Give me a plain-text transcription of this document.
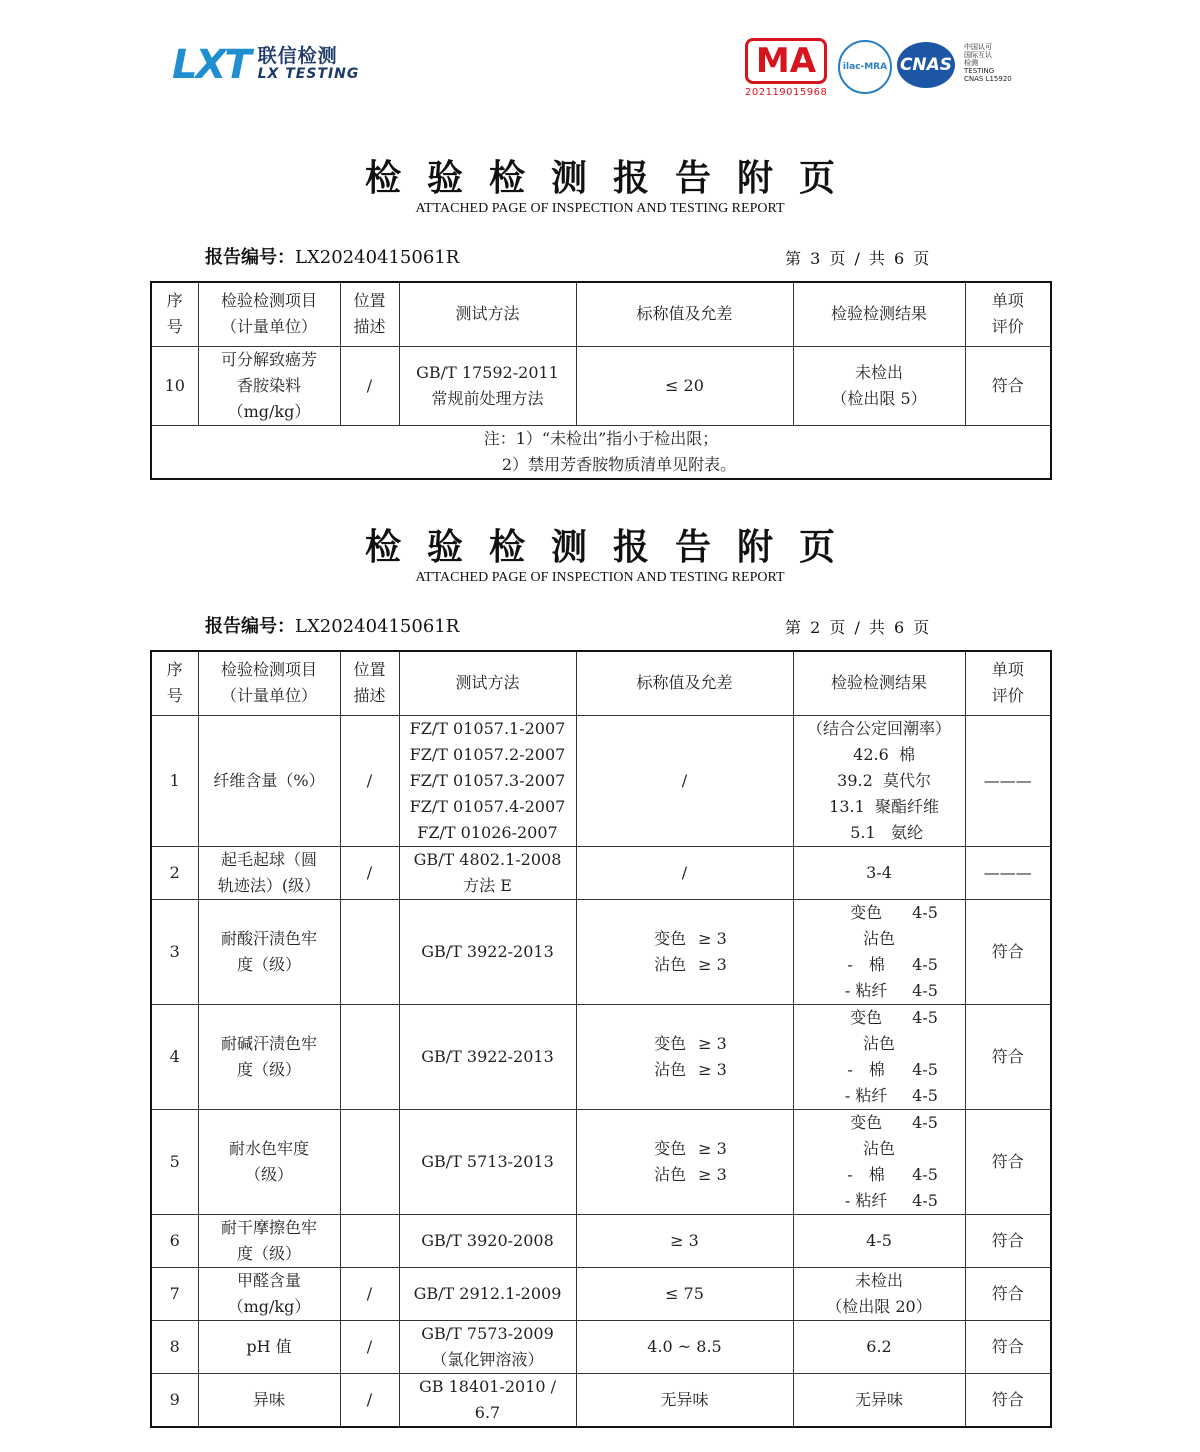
LXT 联信检测
LX TESTING	MA
202119015968
ilac-MRA CNAS
中国认可
国际互认
检测
TESTING
CNAS L15920
检验检测报告附页
ATTACHED PAGE OF INSPECTION AND TESTING REPORT
报告编号：LX20240415061R	第 3 页 / 共 6 页
序
号	检验检测项目
（计量单位）	位置
描述	测试方法	标称值及允差	检验检测结果	单项
评价

10	可分解致癌芳
香胺染料
（mg/kg）	/	GB/T 17592-2011
常规前处理方法	≤ 20	未检出
（检出限 5）	符合

注：1）“未检出”指小于检出限；
2）禁用芳香胺物质清单见附表。						
检验检测报告附页
ATTACHED PAGE OF INSPECTION AND TESTING REPORT
报告编号：LX20240415061R	第 2 页 / 共 6 页
序
号	检验检测项目
（计量单位）	位置
描述	测试方法	标称值及允差	检验检测结果	单项
评价

1	纤维含量（%）	/	FZ/T 01057.1-2007
FZ/T 01057.2-2007
FZ/T 01057.3-2007
FZ/T 01057.4-2007
FZ/T 01026-2007	/	（结合公定回潮率）
42.6 棉
39.2 莫代尔
13.1 聚酯纤维
5.1 氨纶	———
2	起毛起球（圆
轨迹法）(级）	/	GB/T 4802.1-2008
方法 E	/	3-4	———
3	耐酸汗渍色牢
度（级）		GB/T 3922-2013	变色 ≥ 3
沾色 ≥ 3	变色 4-5
沾色
-　棉 4-5
- 粘纤 4-5	符合
4	耐碱汗渍色牢
度（级）		GB/T 3922-2013	变色 ≥ 3
沾色 ≥ 3	变色 4-5
沾色
-　棉 4-5
- 粘纤 4-5	符合
5	耐水色牢度
（级）		GB/T 5713-2013	变色 ≥ 3
沾色 ≥ 3	变色 4-5
沾色
-　棉 4-5
- 粘纤 4-5	符合
6	耐干摩擦色牢
度（级）		GB/T 3920-2008	≥ 3	4-5	符合
7	甲醛含量
（mg/kg）	/	GB/T 2912.1-2009	≤ 75	未检出
（检出限 20）	符合
8	pH 值	/	GB/T 7573-2009
（氯化钾溶液）	4.0 ~ 8.5	6.2	符合
9	异味	/	GB 18401-2010 /
6.7	无异味	无异味	符合
